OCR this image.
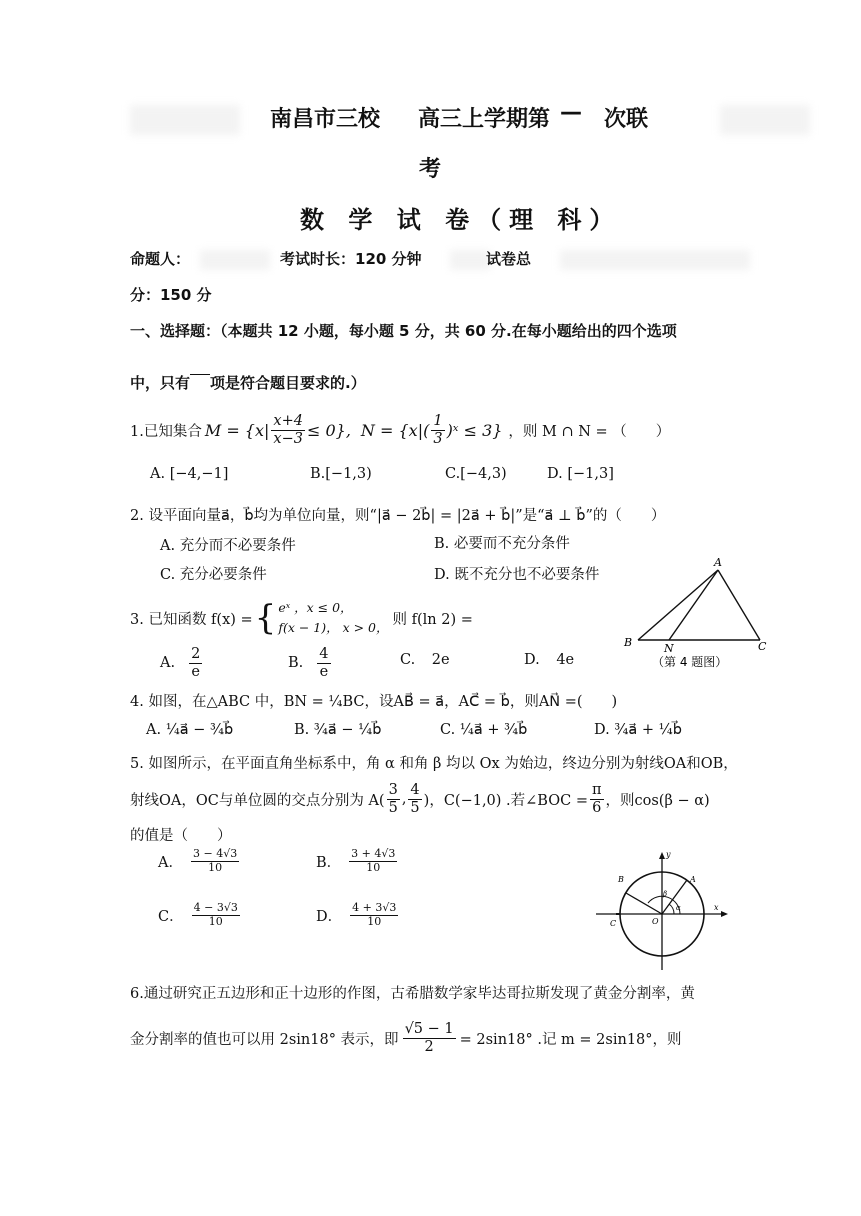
南昌市三校 高三上学期第 — 次联
考
数 学 试 卷（理 科）
命题人：	考试时长：120 分钟	试卷总
分：150 分
一、选择题：（本题共 12 小题，每小题 5 分，共 60 分.在每小题给出的四个选项
中，只有 项是符合题目要求的.）
1.已知集合 $M = \{x| \frac{x+4}{x-3} \le 0\}$, $N = \{x|( \frac{1}{3}$ )ˣ ≤ 3} ，则 M ∩ N = （　　）
A. [−4,−1]	B.[−1,3)	C.[−4,3)	D. [−1,3]
2. 设平面向量a⃗，b⃗均为单位向量，则“|a⃗ − 2b⃗| = |2a⃗ + b⃗|”是“a⃗ ⊥ b⃗”的（　　）
A. 充分而不必要条件	B. 必要而不充分条件
C. 充分必要条件	D. 既不充分也不必要条件
3. 已知函数 f(x) = { eˣ ，x ≤ 0，
f(x − 1)， x > 0， 则 f(ln 2) =
A. $\frac{2}{e}$	B. $\frac{4}{e}$	C. 2e	D. 4e
A
B	N	C
（第 4 题图）
4. 如图，在△ABC 中，BN = ¼BC，设AB⃗ = a⃗，AC⃗ = b⃗，则AN⃗ =(　　)
A. ¼a⃗ − ¾b⃗	B. ¾a⃗ − ¼b⃗	C. ¼a⃗ + ¾b⃗	D. ¾a⃗ + ¼b⃗
5. 如图所示，在平面直角坐标系中，角 α 和角 β 均以 Ox 为始边，终边分别为射线OA和OB，
射线OA，OC与单位圆的交点分别为 $A( \frac{3}{5}$ , $\frac{4}{5}$ )，C(−1,0) .若∠BOC = $\frac{\pi}{6}$ ，则cos(β − α)
的值是（　　）
A． $\frac{3 - 4√3}{10}$	B． $\frac{3 + 4√3}{10}$
C． $\frac{4 - 3√3}{10}$	D． $\frac{4 + 3√3}{10}$
y
x
B	A
C	O
β
α
6.通过研究正五边形和正十边形的作图，古希腊数学家毕达哥拉斯发现了黄金分割率，黄
金分割率的值也可以用 2sin18° 表示，即 $\frac{√5 - 1}{2} = 2\sin 18^\circ$ .记 m = 2sin18°，则
